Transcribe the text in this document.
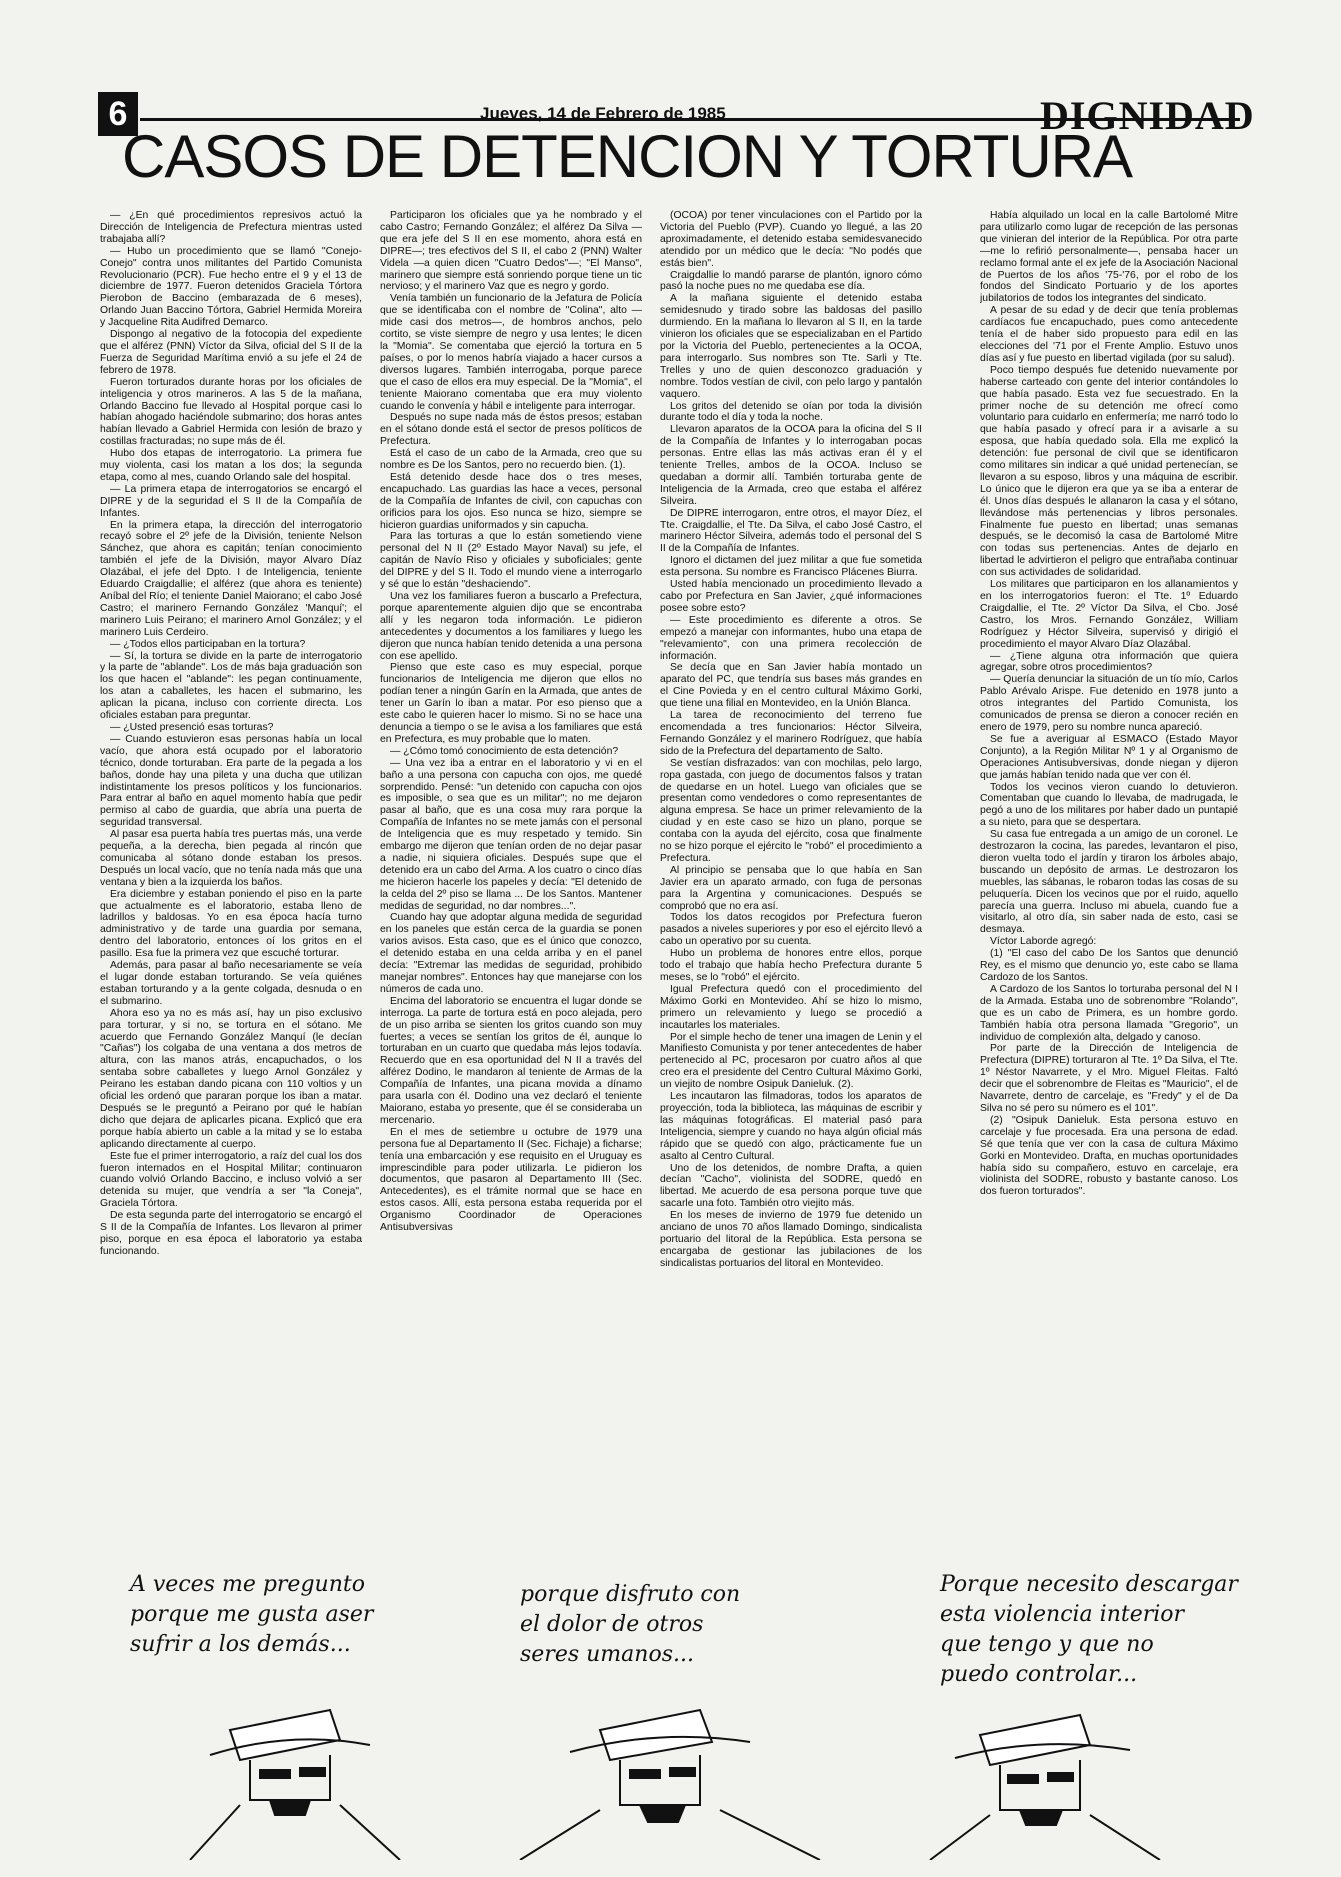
6	Jueves, 14 de Febrero de 1985	DIGNIDAD
CASOS DE DETENCION Y TORTURA

— ¿En qué procedimientos represivos actuó la Dirección de Inteligencia de Prefectura mientras usted trabajaba allí?

— Hubo un procedimiento que se llamó "Conejo-Conejo" contra unos militantes del Partido Comunista Revolucionario (PCR). Fue hecho entre el 9 y el 13 de diciembre de 1977. Fueron detenidos Graciela Tórtora Pierobon de Baccino (embarazada de 6 meses), Orlando Juan Baccino Tórtora, Gabriel Hermida Moreira y Jacqueline Rita Audifred Demarco.

Dispongo al negativo de la fotocopia del expediente que el alférez (PNN) Víctor da Silva, oficial del S II de la Fuerza de Seguridad Marítima envió a su jefe el 24 de febrero de 1978.

Fueron torturados durante horas por los oficiales de inteligencia y otros marineros. A las 5 de la mañana, Orlando Baccino fue llevado al Hospital porque casi lo habían ahogado haciéndole submarino; dos horas antes habían llevado a Gabriel Hermida con lesión de brazo y costillas fracturadas; no supe más de él.

Hubo dos etapas de interrogatorio. La primera fue muy violenta, casi los matan a los dos; la segunda etapa, como al mes, cuando Orlando sale del hospital.

— La primera etapa de interrogatorios se encargó el DIPRE y de la seguridad el S II de la Compañía de Infantes.

En la primera etapa, la dirección del interrogatorio recayó sobre el 2º jefe de la División, teniente Nelson Sánchez, que ahora es capitán; tenían conocimiento también el jefe de la División, mayor Alvaro Díaz Olazábal, el jefe del Dpto. I de Inteligencia, teniente Eduardo Craigdallie; el alférez (que ahora es teniente) Aníbal del Río; el teniente Daniel Maiorano; el cabo José Castro; el marinero Fernando González 'Manquí'; el marinero Luis Peirano; el marinero Arnol González; y el marinero Luis Cerdeiro.

— ¿Todos ellos participaban en la tortura?

— Sí, la tortura se divide en la parte de interrogatorio y la parte de "ablande". Los de más baja graduación son los que hacen el "ablande": les pegan continuamente, los atan a caballetes, les hacen el submarino, les aplican la picana, incluso con corriente directa. Los oficiales estaban para preguntar.

— ¿Usted presenció esas torturas?

— Cuando estuvieron esas personas había un local vacío, que ahora está ocupado por el laboratorio técnico, donde torturaban. Era parte de la pegada a los baños, donde hay una pileta y una ducha que utilizan indistintamente los presos políticos y los funcionarios. Para entrar al baño en aquel momento había que pedir permiso al cabo de guardia, que abría una puerta de seguridad transversal.

Al pasar esa puerta había tres puertas más, una verde pequeña, a la derecha, bien pegada al rincón que comunicaba al sótano donde estaban los presos. Después un local vacío, que no tenía nada más que una ventana y bien a la izquierda los baños.

Era diciembre y estaban poniendo el piso en la parte que actualmente es el laboratorio, estaba lleno de ladrillos y baldosas. Yo en esa época hacía turno administrativo y de tarde una guardia por semana, dentro del laboratorio, entonces oí los gritos en el pasillo. Esa fue la primera vez que escuché torturar.

Además, para pasar al baño necesariamente se veía el lugar donde estaban torturando. Se veía quiénes estaban torturando y a la gente colgada, desnuda o en el submarino.

Ahora eso ya no es más así, hay un piso exclusivo para torturar, y si no, se tortura en el sótano. Me acuerdo que Fernando González Manquí (le decían "Cañas") los colgaba de una ventana a dos metros de altura, con las manos atrás, encapuchados, o los sentaba sobre caballetes y luego Arnol González y Peirano les estaban dando picana con 110 voltios y un oficial les ordenó que pararan porque los iban a matar. Después se le preguntó a Peirano por qué le habían dicho que dejara de aplicarles picana. Explicó que era porque había abierto un cable a la mitad y se lo estaba aplicando directamente al cuerpo.

Este fue el primer interrogatorio, a raíz del cual los dos fueron internados en el Hospital Militar; continuaron cuando volvió Orlando Baccino, e incluso volvió a ser detenida su mujer, que vendría a ser "la Coneja", Graciela Tórtora.

De esta segunda parte del interrogatorio se encargó el S II de la Compañía de Infantes. Los llevaron al primer piso, porque en esa época el laboratorio ya estaba funcionando.

Participaron los oficiales que ya he nombrado y el cabo Castro; Fernando González; el alférez Da Silva —que era jefe del S II en ese momento, ahora está en DIPRE—; tres efectivos del S II, el cabo 2 (PNN) Walter Videla —a quien dicen "Cuatro Dedos"—; "El Manso", marinero que siempre está sonriendo porque tiene un tic nervioso; y el marinero Vaz que es negro y gordo.

Venía también un funcionario de la Jefatura de Policía que se identificaba con el nombre de "Colina", alto —mide casi dos metros—, de hombros anchos, pelo cortito, se viste siempre de negro y usa lentes; le dicen la "Momia". Se comentaba que ejerció la tortura en 5 países, o por lo menos habría viajado a hacer cursos a diversos lugares. También interrogaba, porque parece que el caso de ellos era muy especial. De la "Momia", el teniente Maiorano comentaba que era muy violento cuando le convenía y hábil e inteligente para interrogar.

Después no supe nada más de éstos presos; estaban en el sótano donde está el sector de presos políticos de Prefectura.

Está el caso de un cabo de la Armada, creo que su nombre es De los Santos, pero no recuerdo bien. (1).

Está detenido desde hace dos o tres meses, encapuchado. Las guardias las hace a veces, personal de la Compañía de Infantes de civil, con capuchas con orificios para los ojos. Eso nunca se hizo, siempre se hicieron guardias uniformados y sin capucha.

Para las torturas a que lo están sometiendo viene personal del N II (2º Estado Mayor Naval) su jefe, el capitán de Navío Riso y oficiales y suboficiales; gente del DIPRE y del S II. Todo el mundo viene a interrogarlo y sé que lo están "deshaciendo".

Una vez los familiares fueron a buscarlo a Prefectura, porque aparentemente alguien dijo que se encontraba allí y les negaron toda información. Le pidieron antecedentes y documentos a los familiares y luego les dijeron que nunca habían tenido detenida a una persona con ese apellido.

Pienso que este caso es muy especial, porque funcionarios de Inteligencia me dijeron que ellos no podían tener a ningún Garín en la Armada, que antes de tener un Garín lo iban a matar. Por eso pienso que a este cabo le quieren hacer lo mismo. Si no se hace una denuncia a tiempo o se le avisa a los familiares que está en Prefectura, es muy probable que lo maten.

— ¿Cómo tomó conocimiento de esta detención?

— Una vez iba a entrar en el laboratorio y vi en el baño a una persona con capucha con ojos, me quedé sorprendido. Pensé: "un detenido con capucha con ojos es imposible, o sea que es un militar"; no me dejaron pasar al baño, que es una cosa muy rara porque la Compañía de Infantes no se mete jamás con el personal de Inteligencia que es muy respetado y temido. Sin embargo me dijeron que tenían orden de no dejar pasar a nadie, ni siquiera oficiales. Después supe que el detenido era un cabo del Arma. A los cuatro o cinco días me hicieron hacerle los papeles y decía: "El detenido de la celda del 2º piso se llama ... De los Santos. Mantener medidas de seguridad, no dar nombres...".

Cuando hay que adoptar alguna medida de seguridad en los paneles que están cerca de la guardia se ponen varios avisos. Esta caso, que es el único que conozco, el detenido estaba en una celda arriba y en el panel decía: "Extremar las medidas de seguridad, prohibido manejar nombres". Entonces hay que manejarse con los números de cada uno.

Encima del laboratorio se encuentra el lugar donde se interroga. La parte de tortura está en poco alejada, pero de un piso arriba se sienten los gritos cuando son muy fuertes; a veces se sentían los gritos de él, aunque lo torturaban en un cuarto que quedaba más lejos todavía. Recuerdo que en esa oportunidad del N II a través del alférez Dodino, le mandaron al teniente de Armas de la Compañía de Infantes, una picana movida a dínamo para usarla con él. Dodino una vez declaró el teniente Maiorano, estaba yo presente, que él se consideraba un mercenario.

En el mes de setiembre u octubre de 1979 una persona fue al Departamento II (Sec. Fichaje) a ficharse; tenía una embarcación y ese requisito en el Uruguay es imprescindible para poder utilizarla. Le pidieron los documentos, que pasaron al Departamento III (Sec. Antecedentes), es el trámite normal que se hace en estos casos. Allí, esta persona estaba requerida por el Organismo Coordinador de Operaciones Antisubversivas

(OCOA) por tener vinculaciones con el Partido por la Victoria del Pueblo (PVP). Cuando yo llegué, a las 20 aproximadamente, el detenido estaba semidesvanecido atendido por un médico que le decía: "No podés que estás bien".

Craigdallie lo mandó pararse de plantón, ignoro cómo pasó la noche pues no me quedaba ese día.

A la mañana siguiente el detenido estaba semidesnudo y tirado sobre las baldosas del pasillo durmiendo. En la mañana lo llevaron al S II, en la tarde vinieron los oficiales que se especializaban en el Partido por la Victoria del Pueblo, pertenecientes a la OCOA, para interrogarlo. Sus nombres son Tte. Sarli y Tte. Trelles y uno de quien desconozco graduación y nombre. Todos vestían de civil, con pelo largo y pantalón vaquero.

Los gritos del detenido se oían por toda la división durante todo el día y toda la noche.

Llevaron aparatos de la OCOA para la oficina del S II de la Compañía de Infantes y lo interrogaban pocas personas. Entre ellas las más activas eran él y el teniente Trelles, ambos de la OCOA. Incluso se quedaban a dormir allí. También torturaba gente de Inteligencia de la Armada, creo que estaba el alférez Silveira.

De DIPRE interrogaron, entre otros, el mayor Díez, el Tte. Craigdallie, el Tte. Da Silva, el cabo José Castro, el marinero Héctor Silveira, además todo el personal del S II de la Compañía de Infantes.

Ignoro el dictamen del juez militar a que fue sometida esta persona. Su nombre es Francisco Plácenes Biurra.

Usted había mencionado un procedimiento llevado a cabo por Prefectura en San Javier, ¿qué informaciones posee sobre esto?

— Este procedimiento es diferente a otros. Se empezó a manejar con informantes, hubo una etapa de "relevamiento", con una primera recolección de información.

Se decía que en San Javier había montado un aparato del PC, que tendría sus bases más grandes en el Cine Povieda y en el centro cultural Máximo Gorki, que tiene una filial en Montevideo, en la Unión Blanca.

La tarea de reconocimiento del terreno fue encomendada a tres funcionarios: Héctor Silveira, Fernando González y el marinero Rodríguez, que había sido de la Prefectura del departamento de Salto.

Se vestían disfrazados: van con mochilas, pelo largo, ropa gastada, con juego de documentos falsos y tratan de quedarse en un hotel. Luego van oficiales que se presentan como vendedores o como representantes de alguna empresa. Se hace un primer relevamiento de la ciudad y en este caso se hizo un plano, porque se contaba con la ayuda del ejército, cosa que finalmente no se hizo porque el ejército le "robó" el procedimiento a Prefectura.

Al principio se pensaba que lo que había en San Javier era un aparato armado, con fuga de personas para la Argentina y comunicaciones. Después se comprobó que no era así.

Todos los datos recogidos por Prefectura fueron pasados a niveles superiores y por eso el ejército llevó a cabo un operativo por su cuenta.

Hubo un problema de honores entre ellos, porque todo el trabajo que había hecho Prefectura durante 5 meses, se lo "robó" el ejército.

Igual Prefectura quedó con el procedimiento del Máximo Gorki en Montevideo. Ahí se hizo lo mismo, primero un relevamiento y luego se procedió a incautarles los materiales.

Por el simple hecho de tener una imagen de Lenin y el Manifiesto Comunista y por tener antecedentes de haber pertenecido al PC, procesaron por cuatro años al que creo era el presidente del Centro Cultural Máximo Gorki, un viejito de nombre Osipuk Danieluk. (2).

Les incautaron las filmadoras, todos los aparatos de proyección, toda la biblioteca, las máquinas de escribir y las máquinas fotográficas. El material pasó para Inteligencia, siempre y cuando no haya algún oficial más rápido que se quedó con algo, prácticamente fue un asalto al Centro Cultural.

Uno de los detenidos, de nombre Drafta, a quien decían "Cacho", violinista del SODRE, quedó en libertad. Me acuerdo de esa persona porque tuve que sacarle una foto. También otro viejito más.

En los meses de invierno de 1979 fue detenido un anciano de unos 70 años llamado Domingo, sindicalista portuario del litoral de la República. Esta persona se encargaba de gestionar las jubilaciones de los sindicalistas portuarios del litoral en Montevideo.

Había alquilado un local en la calle Bartolomé Mitre para utilizarlo como lugar de recepción de las personas que vinieran del interior de la República. Por otra parte —me lo refirió personalmente—, pensaba hacer un reclamo formal ante el ex jefe de la Asociación Nacional de Puertos de los años '75-'76, por el robo de los fondos del Sindicato Portuario y de los aportes jubilatorios de todos los integrantes del sindicato.

A pesar de su edad y de decir que tenía problemas cardíacos fue encapuchado, pues como antecedente tenía el de haber sido propuesto para edil en las elecciones del '71 por el Frente Amplio. Estuvo unos días así y fue puesto en libertad vigilada (por su salud).

Poco tiempo después fue detenido nuevamente por haberse carteado con gente del interior contándoles lo que había pasado. Esta vez fue secuestrado. En la primer noche de su detención me ofrecí como voluntario para cuidarlo en enfermería; me narró todo lo que había pasado y ofrecí para ir a avisarle a su esposa, que había quedado sola. Ella me explicó la detención: fue personal de civil que se identificaron como militares sin indicar a qué unidad pertenecían, se llevaron a su esposo, libros y una máquina de escribir. Lo único que le dijeron era que ya se iba a enterar de él. Unos días después le allanaron la casa y el sótano, llevándose más pertenencias y libros personales. Finalmente fue puesto en libertad; unas semanas después, se le decomisó la casa de Bartolomé Mitre con todas sus pertenencias. Antes de dejarlo en libertad le advirtieron el peligro que entrañaba continuar con sus actividades de solidaridad.

Los militares que participaron en los allanamientos y en los interrogatorios fueron: el Tte. 1º Eduardo Craigdallie, el Tte. 2º Víctor Da Silva, el Cbo. José Castro, los Mros. Fernando González, William Rodríguez y Héctor Silveira, supervisó y dirigió el procedimiento el mayor Alvaro Díaz Olazábal.

— ¿Tiene alguna otra información que quiera agregar, sobre otros procedimientos?

— Quería denunciar la situación de un tío mío, Carlos Pablo Arévalo Arispe. Fue detenido en 1978 junto a otros integrantes del Partido Comunista, los comunicados de prensa se dieron a conocer recién en enero de 1979, pero su nombre nunca apareció.

Se fue a averiguar al ESMACO (Estado Mayor Conjunto), a la Región Militar Nº 1 y al Organismo de Operaciones Antisubversivas, donde niegan y dijeron que jamás habían tenido nada que ver con él.

Todos los vecinos vieron cuando lo detuvieron. Comentaban que cuando lo llevaba, de madrugada, le pegó a uno de los militares por haber dado un puntapié a su nieto, para que se despertara.

Su casa fue entregada a un amigo de un coronel. Le destrozaron la cocina, las paredes, levantaron el piso, dieron vuelta todo el jardín y tiraron los árboles abajo, buscando un depósito de armas. Le destrozaron los muebles, las sábanas, le robaron todas las cosas de su peluquería. Dicen los vecinos que por el ruido, aquello parecía una guerra. Incluso mi abuela, cuando fue a visitarlo, al otro día, sin saber nada de esto, casi se desmaya.

Víctor Laborde agregó:

(1) "El caso del cabo De los Santos que denunció Rey, es el mismo que denuncio yo, este cabo se llama Cardozo de los Santos.

A Cardozo de los Santos lo torturaba personal del N I de la Armada. Estaba uno de sobrenombre "Rolando", que es un cabo de Primera, es un hombre gordo. También había otra persona llamada "Gregorio", un individuo de complexión alta, delgado y canoso.

Por parte de la Dirección de Inteligencia de Prefectura (DIPRE) torturaron al Tte. 1º Da Silva, el Tte. 1º Néstor Navarrete, y el Mro. Miguel Fleitas. Faltó decir que el sobrenombre de Fleitas es "Mauricio", el de Navarrete, dentro de carcelaje, es "Fredy" y el de Da Silva no sé pero su número es el 101".

(2) "Osipuk Danieluk. Esta persona estuvo en carcelaje y fue procesada. Era una persona de edad. Sé que tenía que ver con la casa de cultura Máximo Gorki en Montevideo. Drafta, en muchas oportunidades había sido su compañero, estuvo en carcelaje, era violinista del SODRE, robusto y bastante canoso. Los dos fueron torturados".

A veces me pregunto
porque me gusta aser
sufrir a los demás...
porque disfruto con
el dolor de otros
seres umanos...
Porque necesito descargar
esta violencia interior
que tengo y que no
puedo controlar...
